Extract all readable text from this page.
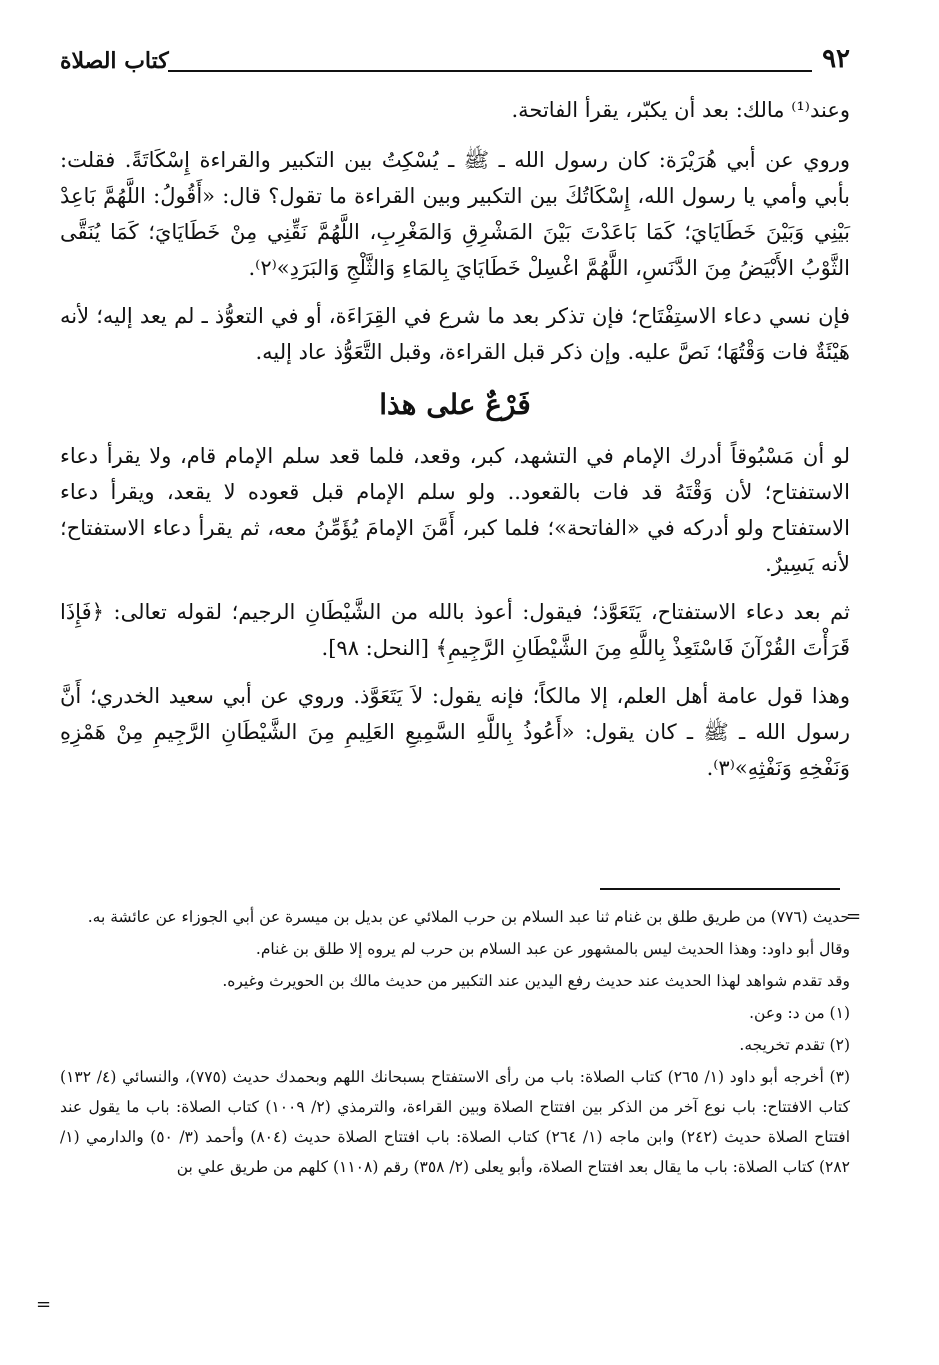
كتاب الصلاة	٩٢

وعند⁽¹⁾ مالك: بعد أن يكبّر، يقرأ الفاتحة.

وروي عن أبي هُرَيْرَة: كان رسول الله ـ ﷺ ـ يُسْكِتُ بين التكبير والقراءة إِسْكَاتَةً. فقلت: بأبي وأمي يا رسول الله، إِسْكَاتُكَ بين التكبير وبين القراءة ما تقول؟ قال: «أَقُولُ: اللَّهُمَّ بَاعِدْ بَيْنِي وَبَيْنَ خَطَايَايَ؛ كَمَا بَاعَدْتَ بَيْنَ المَشْرِقِ وَالمَغْرِبِ، اللَّهُمَّ نَقِّنِي مِنْ خَطَايَايَ؛ كَمَا يُنَقَّى الثَّوْبُ الأَبْيَضُ مِنَ الدَّنَسِ، اللَّهُمَّ اغْسِلْ خَطَايَايَ بِالمَاءِ وَالثَّلْجِ وَالبَرَدِ»⁽٢⁾.

فإن نسي دعاء الاستِفْتَاح؛ فإن تذكر بعد ما شرع في القِرَاءَة، أو في التعوُّذ ـ لم يعد إليه؛ لأنه هَيْئَةٌ فات وَقْتُهَا؛ نَصَّ عليه. وإن ذكر قبل القراءة، وقبل التَّعَوُّذ عاد إليه.

فَرْعٌ على هذا

لو أن مَسْبُوقاً أدرك الإمام في التشهد، كبر، وقعد، فلما قعد سلم الإمام قام، ولا يقرأ دعاء الاستفتاح؛ لأن وَقْتَهُ قد فات بالقعود.. ولو سلم الإمام قبل قعوده لا يقعد، ويقرأ دعاء الاستفتاح ولو أدركه في «الفاتحة»؛ فلما كبر، أَمَّنَ الإمامَ يُؤَمِّنُ معه، ثم يقرأ دعاء الاستفتاح؛ لأنه يَسِيرٌ.

ثم بعد دعاء الاستفتاح، يَتَعَوَّذ؛ فيقول: أعوذ بالله من الشَّيْطَانِ الرجيم؛ لقوله تعالى: ﴿فَإِذَا قَرَأْتَ القُرْآنَ فَاسْتَعِذْ بِاللَّهِ مِنَ الشَّيْطَانِ الرَّجِيمِ﴾ [النحل: ٩٨].

وهذا قول عامة أهل العلم، إلا مالكاً؛ فإنه يقول: لاَ يَتَعَوَّذ. وروي عن أبي سعيد الخدري؛ أَنَّ رسول الله ـ ﷺ ـ كان يقول: «أَعُوذُ بِاللَّهِ السَّمِيعِ العَلِيمِ مِنَ الشَّيْطَانِ الرَّجِيمِ مِنْ هَمْزِهِ وَنَفْخِهِ وَنَفْثِهِ»⁽٣⁾.

=

حديث (٧٧٦) من طريق طلق بن غنام ثنا عبد السلام بن حرب الملائي عن بديل بن ميسرة عن أبي الجوزاء عن عائشة به.

وقال أبو داود: وهذا الحديث ليس بالمشهور عن عبد السلام بن حرب لم يروه إلا طلق بن غنام.

وقد تقدم شواهد لهذا الحديث عند حديث رفع اليدين عند التكبير من حديث مالك بن الحويرث وغيره.

(١) من د: وعن.

(٢) تقدم تخريجه.

(٣) أخرجه أبو داود (١/ ٢٦٥) كتاب الصلاة: باب من رأى الاستفتاح بسبحانك اللهم وبحمدك حديث (٧٧٥)، والنسائي (٤/ ١٣٢) كتاب الافتتاح: باب نوع آخر من الذكر بين افتتاح الصلاة وبين القراءة، والترمذي (٢/ ١٠٠٩) كتاب الصلاة: باب ما يقول عند افتتاح الصلاة حديث (٢٤٢) وابن ماجه (١/ ٢٦٤) كتاب الصلاة: باب افتتاح الصلاة حديث (٨٠٤) وأحمد (٣/ ٥٠) والدارمي (١/ ٢٨٢) كتاب الصلاة: باب ما يقال بعد افتتاح الصلاة، وأبو يعلى (٢/ ٣٥٨) رقم (١١٠٨) كلهم من طريق علي بن

=
